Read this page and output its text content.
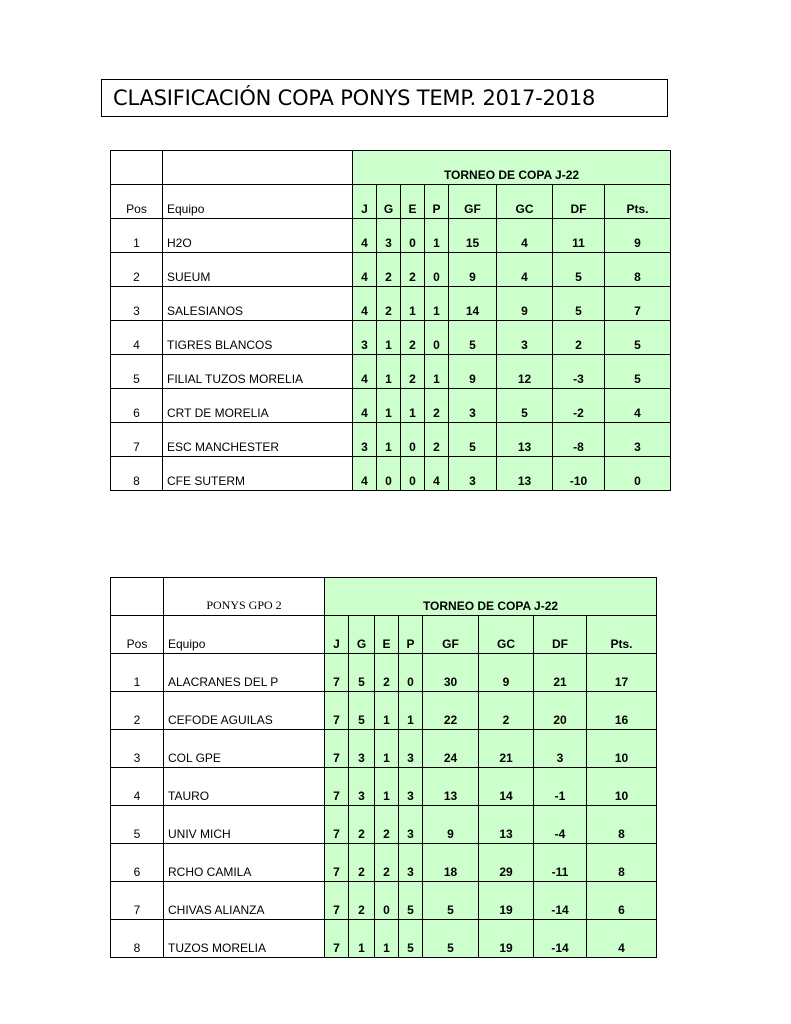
CLASIFICACIÓN COPA PONYS TEMP. 2017-2018
		TORNEO DE COPA J-22							
Pos	Equipo	J	G	E	P	GF	GC	DF	Pts.
1	H2O	4	3	0	1	15	4	11	9
2	SUEUM	4	2	2	0	9	4	5	8
3	SALESIANOS	4	2	1	1	14	9	5	7
4	TIGRES BLANCOS	3	1	2	0	5	3	2	5
5	FILIAL TUZOS MORELIA	4	1	2	1	9	12	-3	5
6	CRT DE MORELIA	4	1	1	2	3	5	-2	4
7	ESC MANCHESTER	3	1	0	2	5	13	-8	3
8	CFE SUTERM	4	0	0	4	3	13	-10	0
	PONYS GPO 2	TORNEO DE COPA J-22							
Pos	Equipo	J	G	E	P	GF	GC	DF	Pts.
1	ALACRANES DEL P	7	5	2	0	30	9	21	17
2	CEFODE AGUILAS	7	5	1	1	22	2	20	16
3	COL GPE	7	3	1	3	24	21	3	10
4	TAURO	7	3	1	3	13	14	-1	10
5	UNIV MICH	7	2	2	3	9	13	-4	8
6	RCHO CAMILA	7	2	2	3	18	29	-11	8
7	CHIVAS ALIANZA	7	2	0	5	5	19	-14	6
8	TUZOS MORELIA	7	1	1	5	5	19	-14	4
